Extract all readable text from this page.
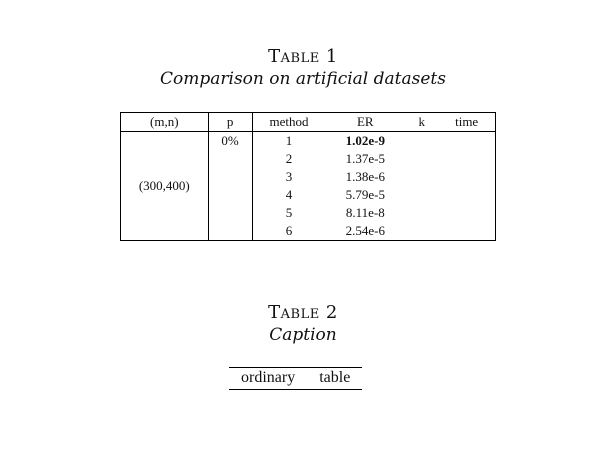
Table 1
Comparison on artificial datasets
(m,n)	p	method	ER	k	time
(300,400)	0%	1	1.02e-9		
		2	1.37e-5		
		3	1.38e-6		
		4	5.79e-5		
		5	8.11e-8		
		6	2.54e-6		
Table 2
Caption
ordinary	table
